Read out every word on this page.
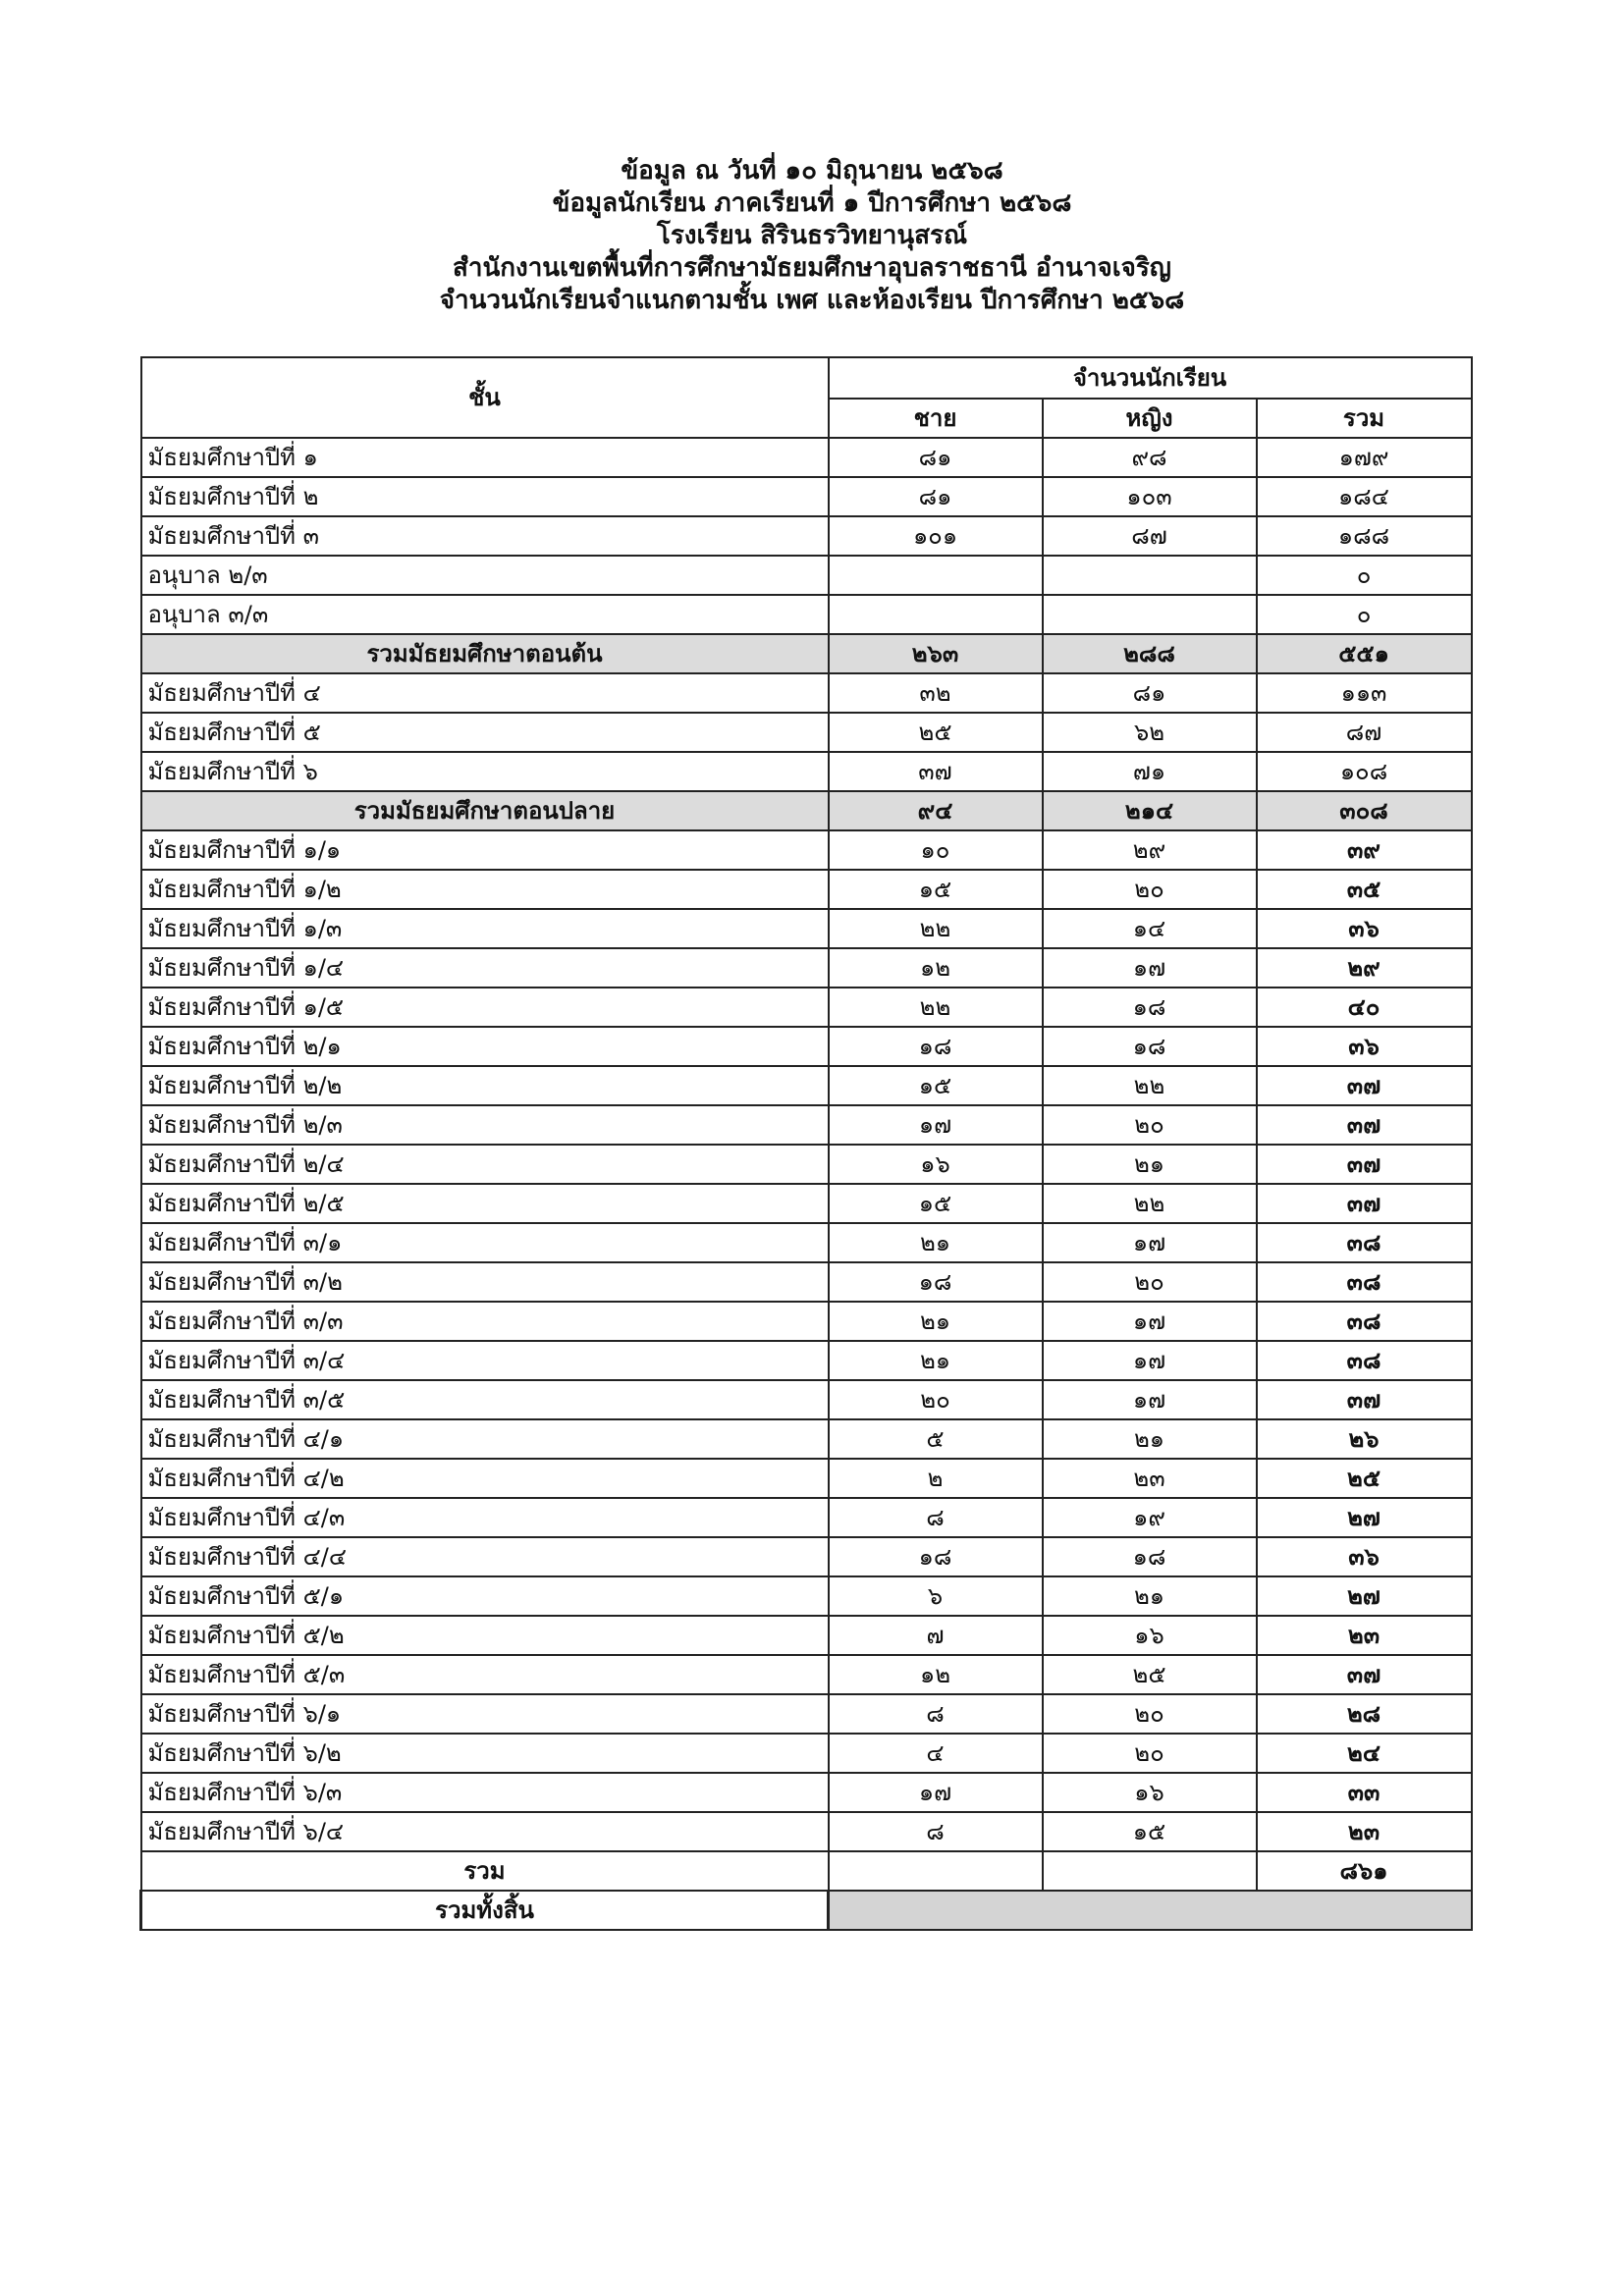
ข้อมูล ณ วันที่ ๑๐ มิถุนายน ๒๕๖๘
ข้อมูลนักเรียน ภาคเรียนที่ ๑ ปีการศึกษา ๒๕๖๘
โรงเรียน สิรินธรวิทยานุสรณ์
สำนักงานเขตพื้นที่การศึกษามัธยมศึกษาอุบลราชธานี อำนาจเจริญ
จำนวนนักเรียนจำแนกตามชั้น เพศ และห้องเรียน ปีการศึกษา ๒๕๖๘
ชั้น	จำนวนนักเรียน		
	ชาย	หญิง	รวม
มัธยมศึกษาปีที่ ๑	๘๑	๙๘	๑๗๙
มัธยมศึกษาปีที่ ๒	๘๑	๑๐๓	๑๘๔
มัธยมศึกษาปีที่ ๓	๑๐๑	๘๗	๑๘๘
อนุบาล ๒/๓			๐
อนุบาล ๓/๓			๐
รวมมัธยมศึกษาตอนต้น	๒๖๓	๒๘๘	๕๕๑
มัธยมศึกษาปีที่ ๔	๓๒	๘๑	๑๑๓
มัธยมศึกษาปีที่ ๕	๒๕	๖๒	๘๗
มัธยมศึกษาปีที่ ๖	๓๗	๗๑	๑๐๘
รวมมัธยมศึกษาตอนปลาย	๙๔	๒๑๔	๓๐๘
มัธยมศึกษาปีที่ ๑/๑	๑๐	๒๙	๓๙
มัธยมศึกษาปีที่ ๑/๒	๑๕	๒๐	๓๕
มัธยมศึกษาปีที่ ๑/๓	๒๒	๑๔	๓๖
มัธยมศึกษาปีที่ ๑/๔	๑๒	๑๗	๒๙
มัธยมศึกษาปีที่ ๑/๕	๒๒	๑๘	๔๐
มัธยมศึกษาปีที่ ๒/๑	๑๘	๑๘	๓๖
มัธยมศึกษาปีที่ ๒/๒	๑๕	๒๒	๓๗
มัธยมศึกษาปีที่ ๒/๓	๑๗	๒๐	๓๗
มัธยมศึกษาปีที่ ๒/๔	๑๖	๒๑	๓๗
มัธยมศึกษาปีที่ ๒/๕	๑๕	๒๒	๓๗
มัธยมศึกษาปีที่ ๓/๑	๒๑	๑๗	๓๘
มัธยมศึกษาปีที่ ๓/๒	๑๘	๒๐	๓๘
มัธยมศึกษาปีที่ ๓/๓	๒๑	๑๗	๓๘
มัธยมศึกษาปีที่ ๓/๔	๒๑	๑๗	๓๘
มัธยมศึกษาปีที่ ๓/๕	๒๐	๑๗	๓๗
มัธยมศึกษาปีที่ ๔/๑	๕	๒๑	๒๖
มัธยมศึกษาปีที่ ๔/๒	๒	๒๓	๒๕
มัธยมศึกษาปีที่ ๔/๓	๘	๑๙	๒๗
มัธยมศึกษาปีที่ ๔/๔	๑๘	๑๘	๓๖
มัธยมศึกษาปีที่ ๕/๑	๖	๒๑	๒๗
มัธยมศึกษาปีที่ ๕/๒	๗	๑๖	๒๓
มัธยมศึกษาปีที่ ๕/๓	๑๒	๒๕	๓๗
มัธยมศึกษาปีที่ ๖/๑	๘	๒๐	๒๘
มัธยมศึกษาปีที่ ๖/๒	๔	๒๐	๒๔
มัธยมศึกษาปีที่ ๖/๓	๑๗	๑๖	๓๓
มัธยมศึกษาปีที่ ๖/๔	๘	๑๕	๒๓
รวม			๘๖๑
รวมทั้งสิ้น			
